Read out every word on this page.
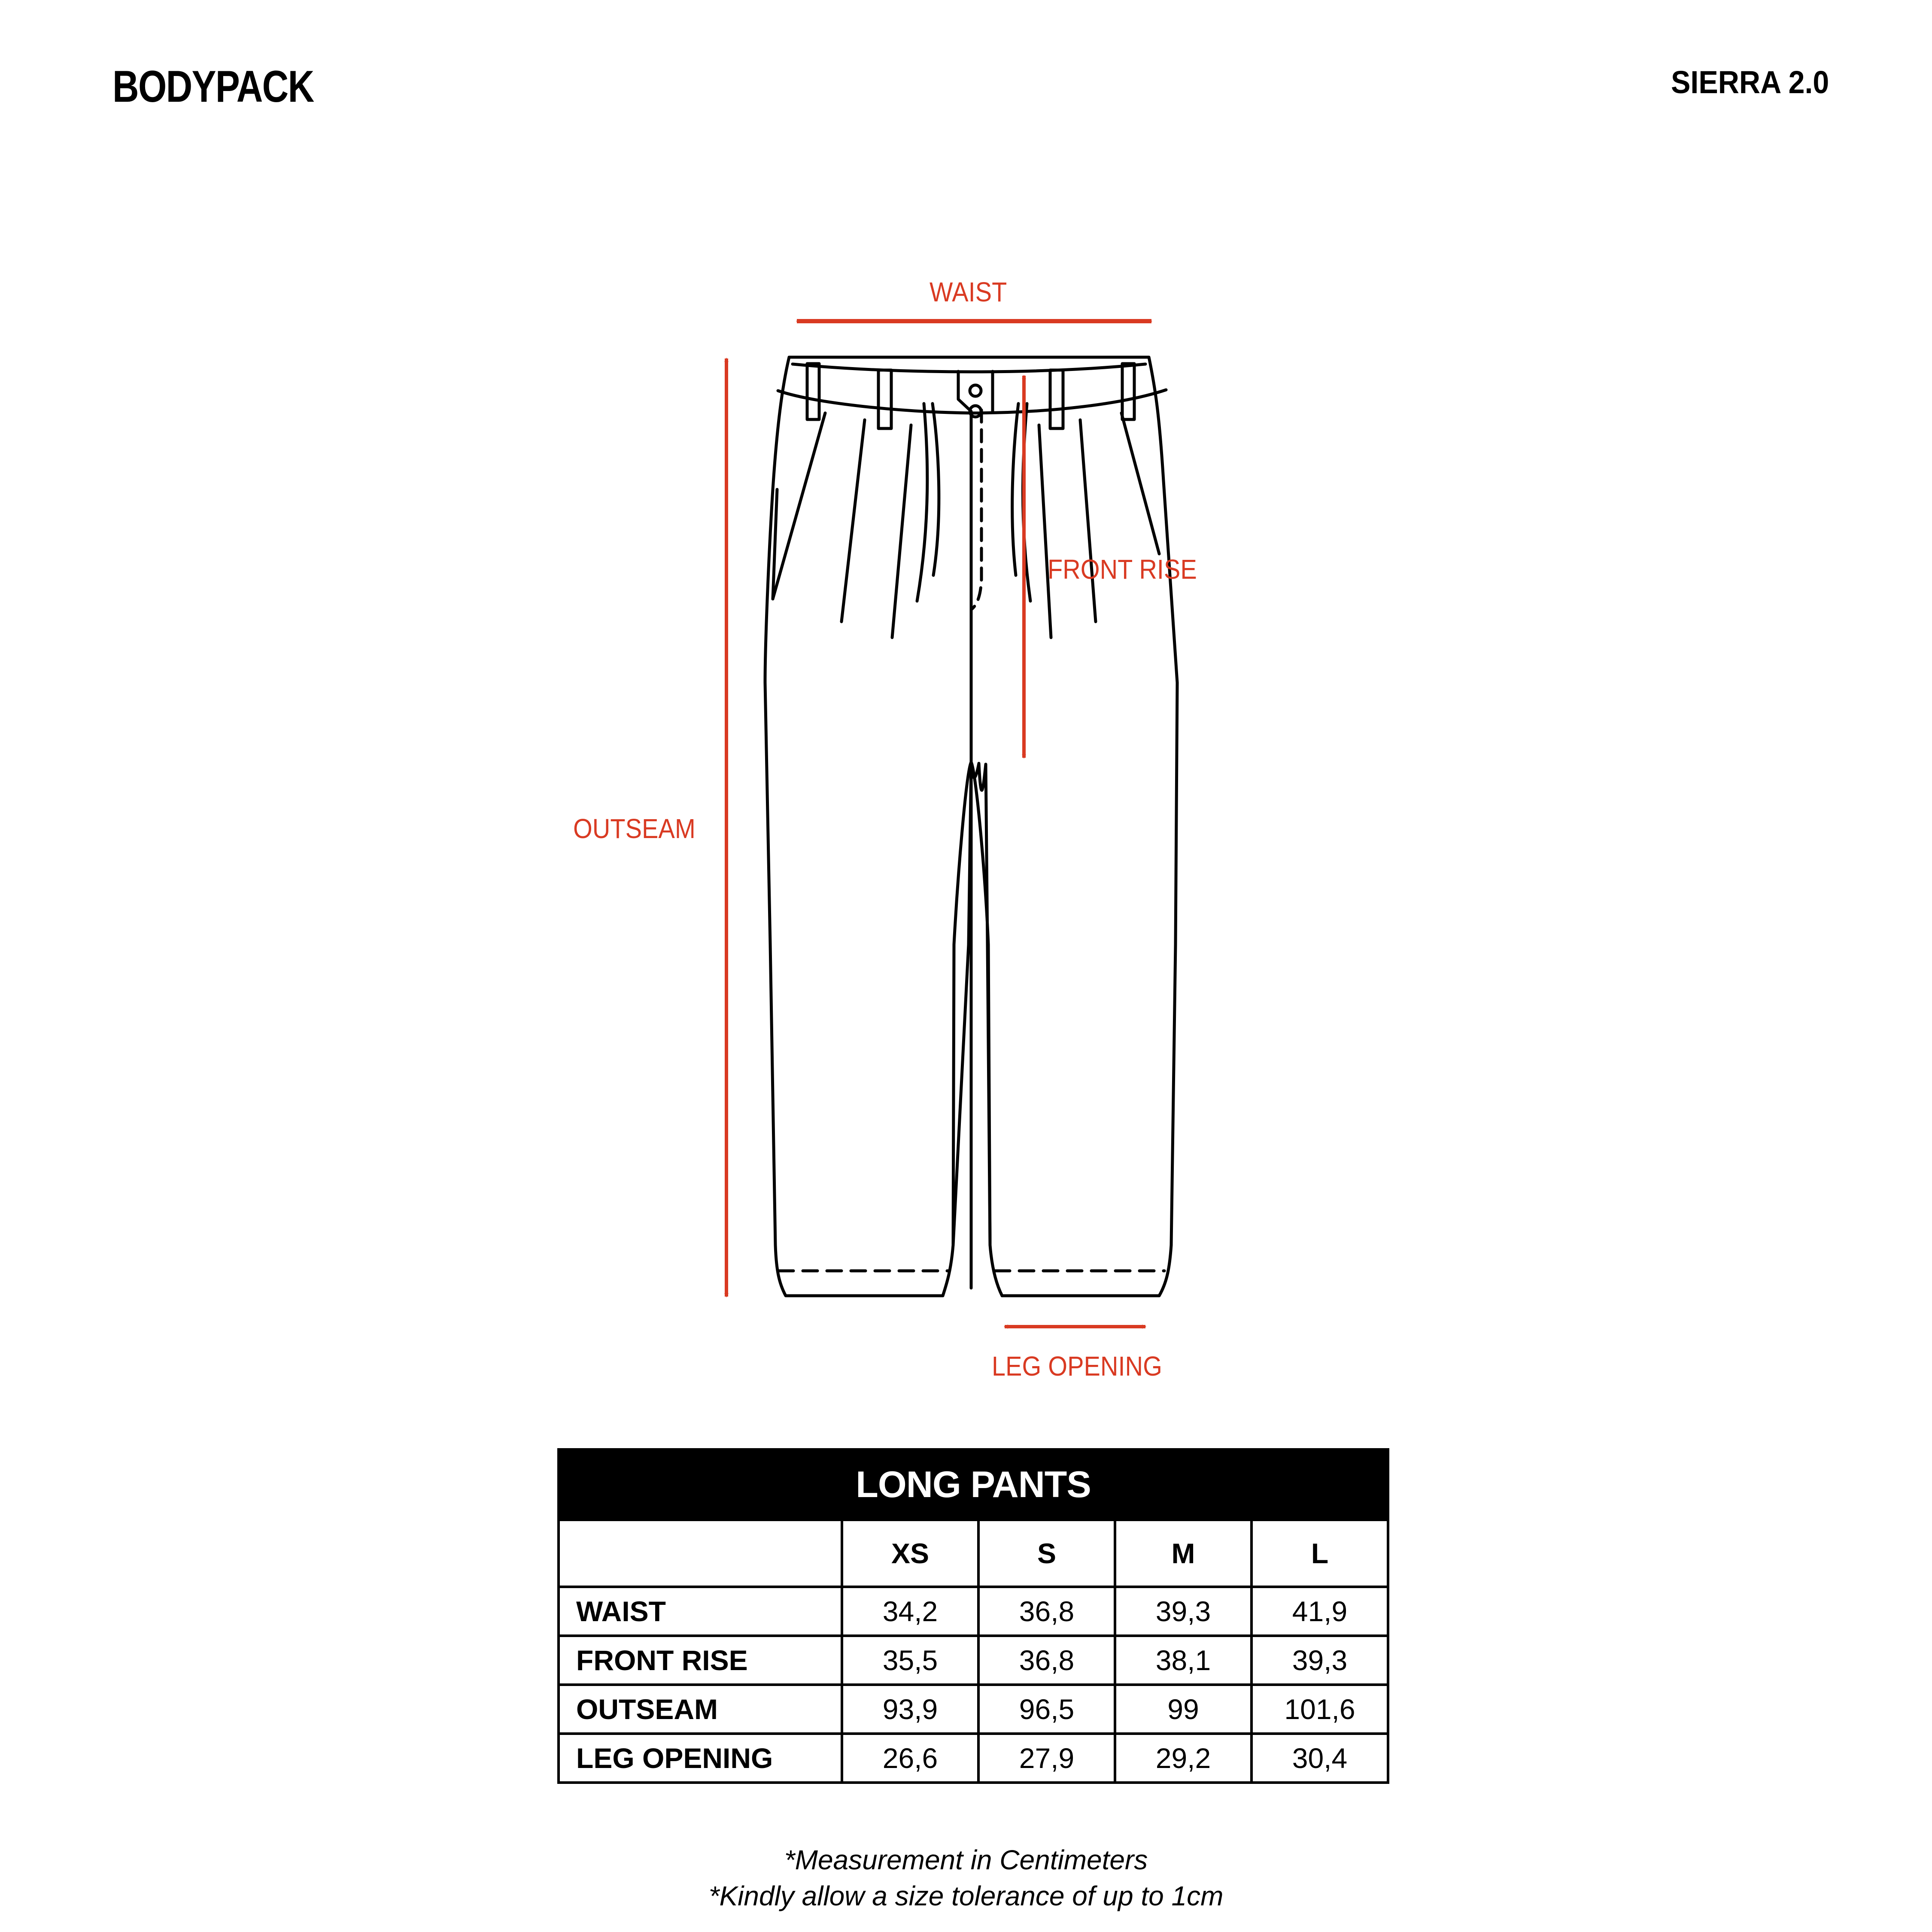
BODYPACK	SIERRA 2.0
WAIST
FRONT RISE
OUTSEAM
LEG OPENING
LONG PANTS				
	XS	S	M	L
WAIST	34,2	36,8	39,3	41,9
FRONT RISE	35,5	36,8	38,1	39,3
OUTSEAM	93,9	96,5	99	101,6
LEG OPENING	26,6	27,9	29,2	30,4
*Measurement in Centimeters
*Kindly allow a size tolerance of up to 1cm
